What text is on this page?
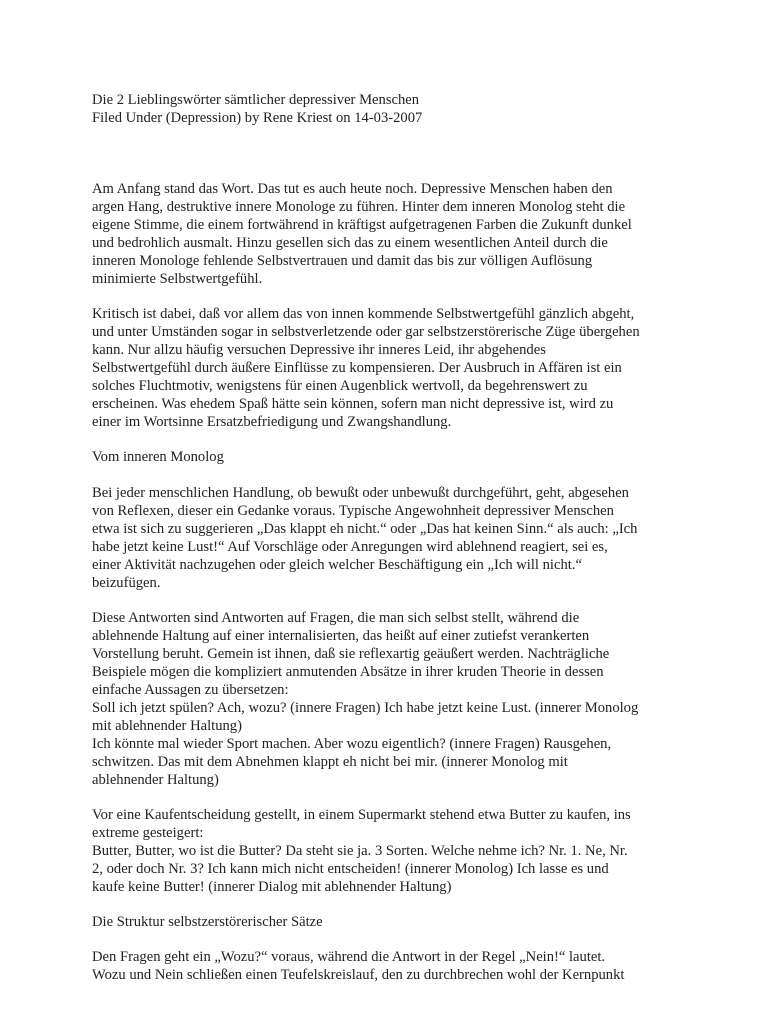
Die 2 Lieblingswörter sämtlicher depressiver Menschen
Filed Under (Depression) by Rene Kriest on 14-03-2007
Am Anfang stand das Wort. Das tut es auch heute noch. Depressive Menschen haben den
argen Hang, destruktive innere Monologe zu führen. Hinter dem inneren Monolog steht die
eigene Stimme, die einem fortwährend in kräftigst aufgetragenen Farben die Zukunft dunkel
und bedrohlich ausmalt. Hinzu gesellen sich das zu einem wesentlichen Anteil durch die
inneren Monologe fehlende Selbstvertrauen und damit das bis zur völligen Auflösung
minimierte Selbstwertgefühl.
Kritisch ist dabei, daß vor allem das von innen kommende Selbstwertgefühl gänzlich abgeht,
und unter Umständen sogar in selbstverletzende oder gar selbstzerstörerische Züge übergehen
kann. Nur allzu häufig versuchen Depressive ihr inneres Leid, ihr abgehendes
Selbstwertgefühl durch äußere Einflüsse zu kompensieren. Der Ausbruch in Affären ist ein
solches Fluchtmotiv, wenigstens für einen Augenblick wertvoll, da begehrenswert zu
erscheinen. Was ehedem Spaß hätte sein können, sofern man nicht depressive ist, wird zu
einer im Wortsinne Ersatzbefriedigung und Zwangshandlung.
Vom inneren Monolog
Bei jeder menschlichen Handlung, ob bewußt oder unbewußt durchgeführt, geht, abgesehen
von Reflexen, dieser ein Gedanke voraus. Typische Angewohnheit depressiver Menschen
etwa ist sich zu suggerieren „Das klappt eh nicht.“ oder „Das hat keinen Sinn.“ als auch: „Ich
habe jetzt keine Lust!“ Auf Vorschläge oder Anregungen wird ablehnend reagiert, sei es,
einer Aktivität nachzugehen oder gleich welcher Beschäftigung ein „Ich will nicht.“
beizufügen.
Diese Antworten sind Antworten auf Fragen, die man sich selbst stellt, während die
ablehnende Haltung auf einer internalisierten, das heißt auf einer zutiefst verankerten
Vorstellung beruht. Gemein ist ihnen, daß sie reflexartig geäußert werden. Nachträgliche
Beispiele mögen die kompliziert anmutenden Absätze in ihrer kruden Theorie in dessen
einfache Aussagen zu übersetzen:
Soll ich jetzt spülen? Ach, wozu? (innere Fragen) Ich habe jetzt keine Lust. (innerer Monolog
mit ablehnender Haltung)
Ich könnte mal wieder Sport machen. Aber wozu eigentlich? (innere Fragen) Rausgehen,
schwitzen. Das mit dem Abnehmen klappt eh nicht bei mir. (innerer Monolog mit
ablehnender Haltung)
Vor eine Kaufentscheidung gestellt, in einem Supermarkt stehend etwa Butter zu kaufen, ins
extreme gesteigert:
Butter, Butter, wo ist die Butter? Da steht sie ja. 3 Sorten. Welche nehme ich? Nr. 1. Ne, Nr.
2, oder doch Nr. 3? Ich kann mich nicht entscheiden! (innerer Monolog) Ich lasse es und
kaufe keine Butter! (innerer Dialog mit ablehnender Haltung)
Die Struktur selbstzerstörerischer Sätze
Den Fragen geht ein „Wozu?“ voraus, während die Antwort in der Regel „Nein!“ lautet.
Wozu und Nein schließen einen Teufelskreislauf, den zu durchbrechen wohl der Kernpunkt
